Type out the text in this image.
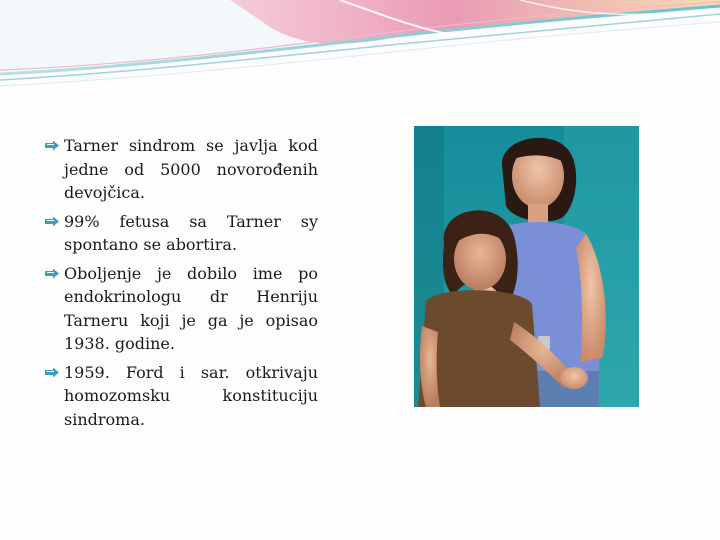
Tarner sindrom se javlja kod jedne od 5000 novorođenih devojčica.
99% fetusa sa Tarner sy spontano se abortira.
Oboljenje je dobilo ime po endokrinologu dr Henriju Tarneru koji je ga je opisao 1938. godine.
1959. Ford i sar. otkrivaju homozomsku konstituciju sindroma.
